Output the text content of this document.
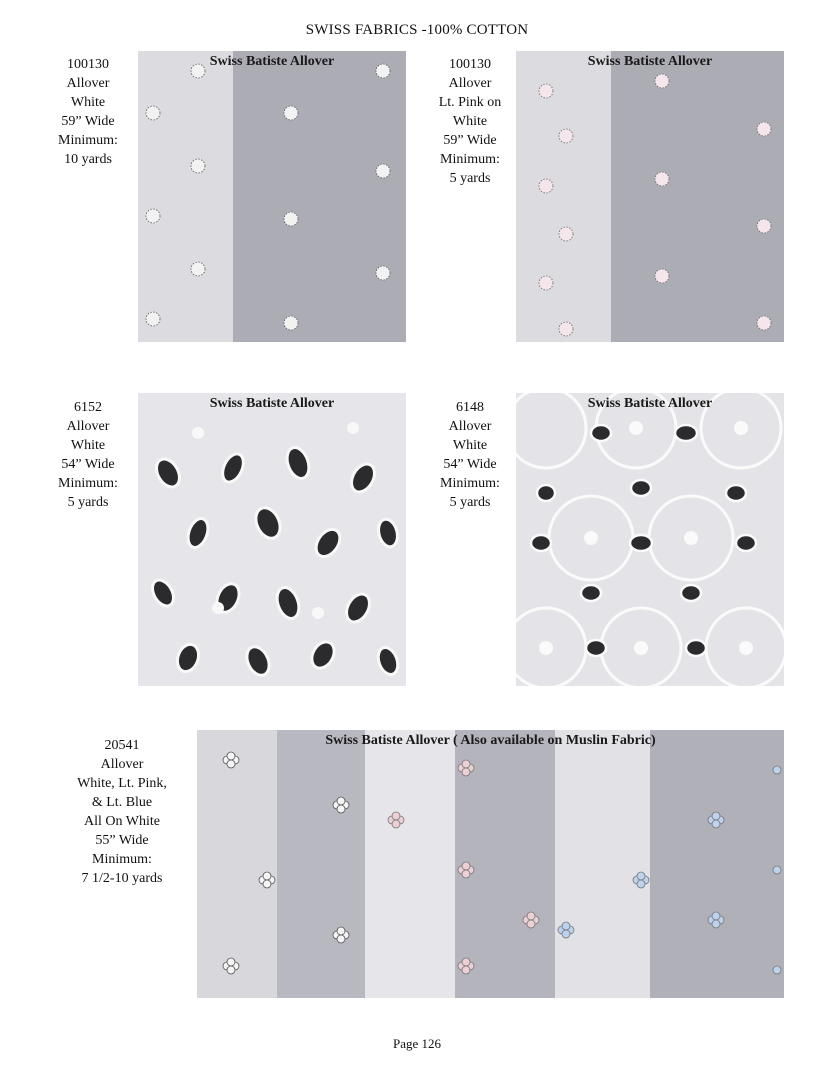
SWISS FABRICS -100% COTTON
100130
Allover
White
59” Wide
Minimum:
10 yards
Swiss Batiste Allover	100130
Allover
Lt. Pink on
White
59” Wide
Minimum:
5 yards
Swiss Batiste Allover
6152
Allover
White
54” Wide
Minimum:
5 yards
Swiss Batiste Allover	6148
Allover
White
54” Wide
Minimum:
5 yards
Swiss Batiste Allover
20541
Allover
White, Lt. Pink,
& Lt. Blue
All On White
55” Wide
Minimum:
7 1/2-10 yards
Swiss Batiste Allover ( Also available on Muslin Fabric)
Page 126
